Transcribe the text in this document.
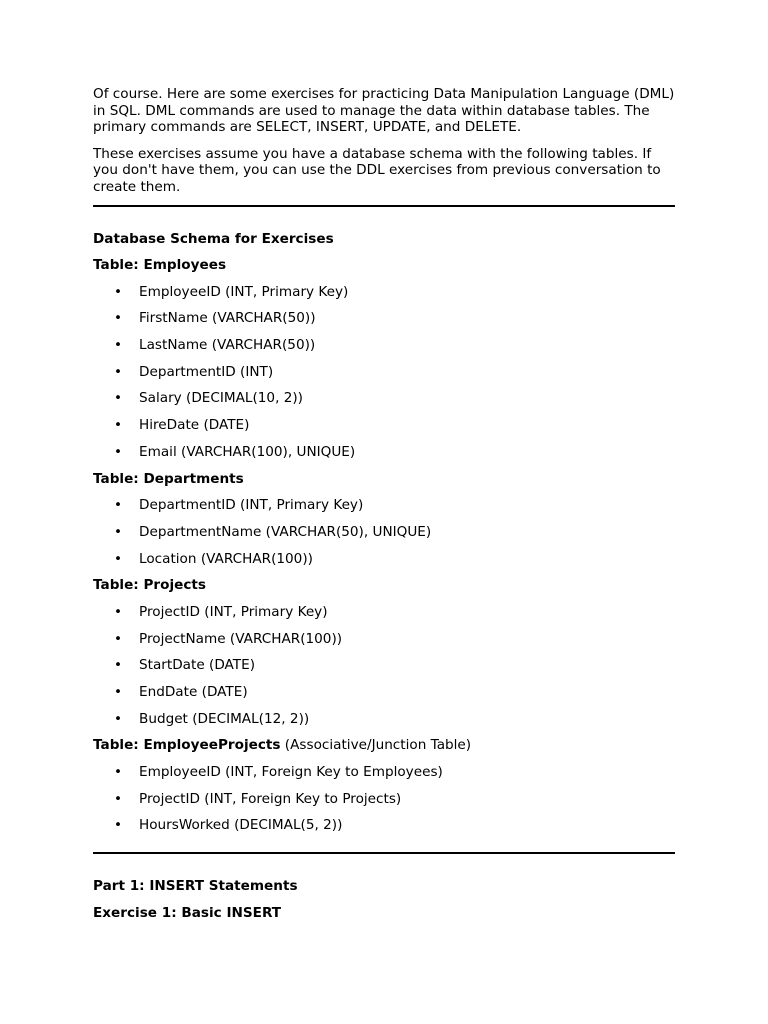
Of course. Here are some exercises for practicing Data Manipulation Language (DML) in SQL. DML commands are used to manage the data within database tables. The primary commands are SELECT, INSERT, UPDATE, and DELETE.

These exercises assume you have a database schema with the following tables. If you don't have them, you can use the DDL exercises from previous conversation to create them.

Database Schema for Exercises
Table: Employees
• EmployeeID (INT, Primary Key)
• FirstName (VARCHAR(50))
• LastName (VARCHAR(50))
• DepartmentID (INT)
• Salary (DECIMAL(10, 2))
• HireDate (DATE)
• Email (VARCHAR(100), UNIQUE)
Table: Departments
• DepartmentID (INT, Primary Key)
• DepartmentName (VARCHAR(50), UNIQUE)
• Location (VARCHAR(100))
Table: Projects
• ProjectID (INT, Primary Key)
• ProjectName (VARCHAR(100))
• StartDate (DATE)
• EndDate (DATE)
• Budget (DECIMAL(12, 2))
Table: EmployeeProjects (Associative/Junction Table)
• EmployeeID (INT, Foreign Key to Employees)
• ProjectID (INT, Foreign Key to Projects)
• HoursWorked (DECIMAL(5, 2))
Part 1: INSERT Statements
Exercise 1: Basic INSERT
